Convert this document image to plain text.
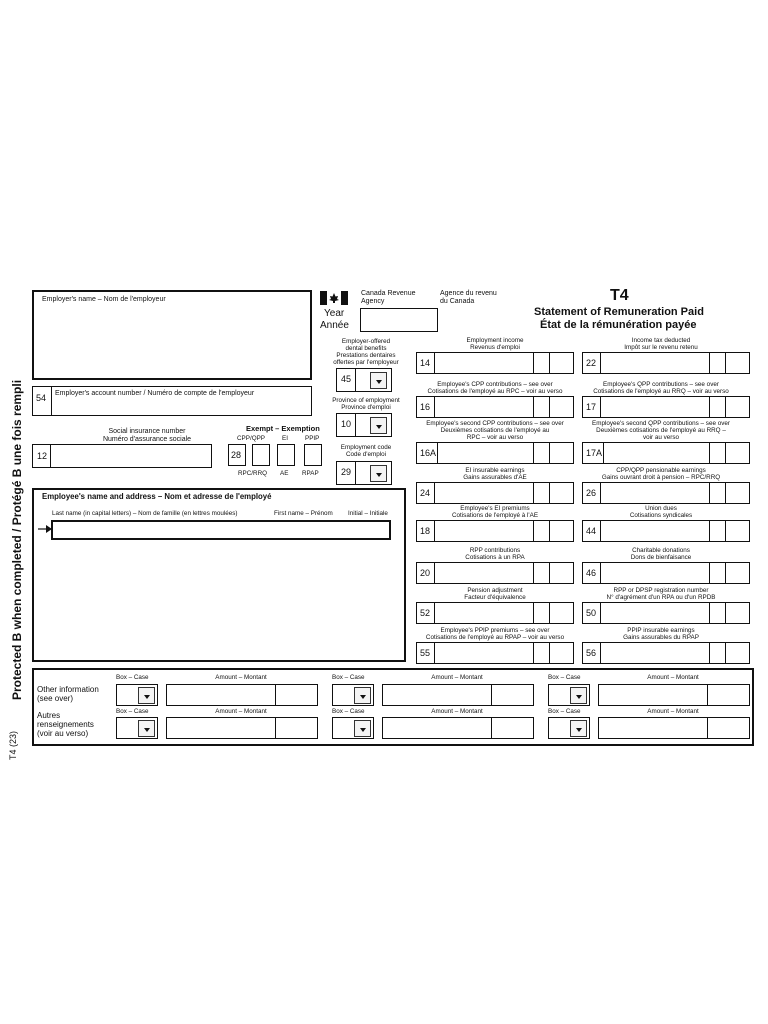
Protected B when completed / Protégé B une fois rempli
T4 (23)
Employer's name – Nom de l'employeur
54 Employer's account number / Numéro de compte de l'employeur
Social insurance number
Numéro d'assurance sociale
12
Exempt – Exemption
CPP/QPP	EI	PPIP
28
RPC/RRQ AE RPAP
Employee's name and address – Nom et adresse de l'employé
Last name (in capital letters) – Nom de famille (en lettres moulées)	First name – Prénom Initial – Initiale
Canada Revenue
Agency
Agence du revenu
du Canada
Year
Année
T4
Statement of Remuneration Paid
État de la rémunération payée
Employer-offered
dental benefits
Prestations dentaires
offertes par l'employeur
45
Province of employment
Province d'emploi
10
Employment code
Code d'emploi
29
Employment income
Revenus d'emploi
14
Income tax deducted
Impôt sur le revenu retenu
22
Employee's CPP contributions – see over
Cotisations de l'employé au RPC – voir au verso
16
Employee's QPP contributions – see over
Cotisations de l'employé au RRQ – voir au verso
17
Employee's second CPP contributions – see over
Deuxièmes cotisations de l'employé au
RPC – voir au verso
16A
Employee's second QPP contributions – see over
Deuxièmes cotisations de l'employé au RRQ –
voir au verso
17A
EI insurable earnings
Gains assurables d'AE
24
CPP/QPP pensionable earnings
Gains ouvrant droit à pension – RPC/RRQ
26
Employee's EI premiums
Cotisations de l'employé à l'AE
18
Union dues
Cotisations syndicales
44
RPP contributions
Cotisations à un RPA
20
Charitable donations
Dons de bienfaisance
46
Pension adjustment
Facteur d'équivalence
52
RPP or DPSP registration number
N° d'agrément d'un RPA ou d'un RPDB
50
Employee's PPIP premiums – see over
Cotisations de l'employé au RPAP – voir au verso
55
PPIP insurable earnings
Gains assurables du RPAP
56
Other information
(see over)
Autres
renseignements
(voir au verso)
Box – Case	Amount – Montant	Box – Case	Amount – Montant	Box – Case	Amount – Montant
Box – Case	Amount – Montant	Box – Case	Amount – Montant	Box – Case	Amount – Montant
